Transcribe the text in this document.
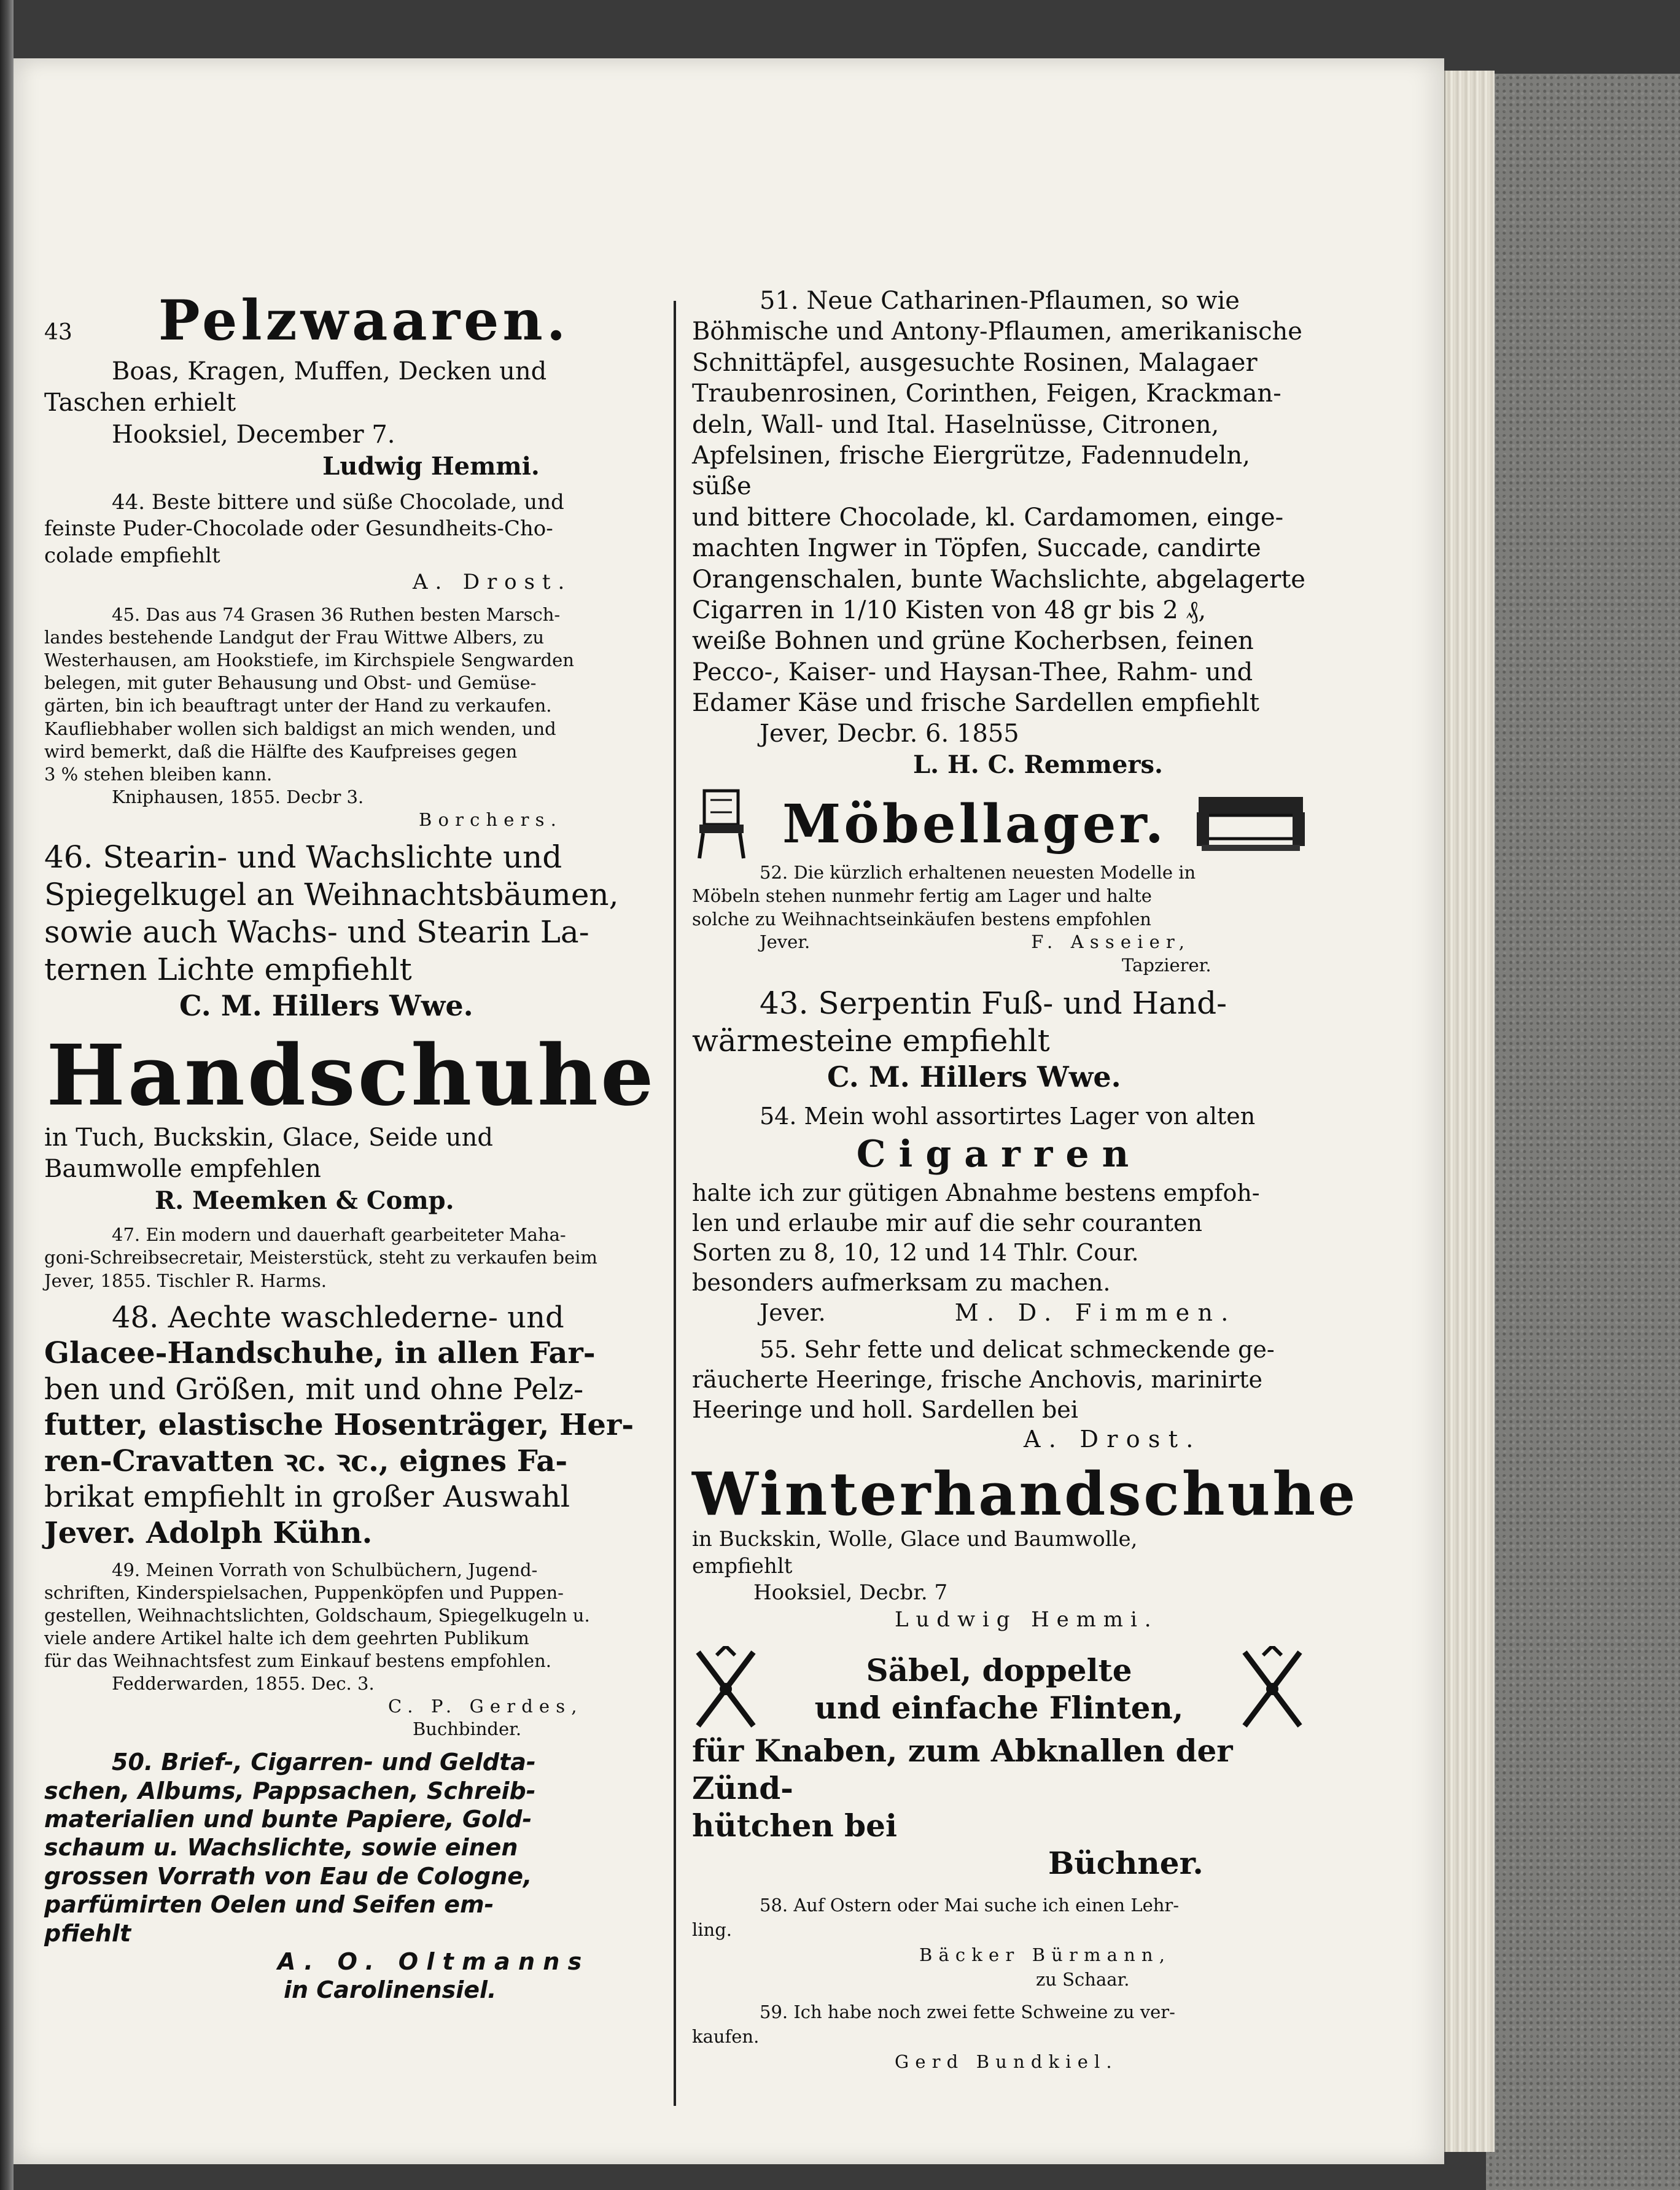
43 Pelzwaaren.
Boas, Kragen, Muffen, Decken und
Taschen erhielt
Hooksiel, December 7.
Ludwig Hemmi.
44. Beste bittere und süße Chocolade, und
feinste Puder-Chocolade oder Gesundheits-Cho-
colade empfiehlt
A. Drost.
45. Das aus 74 Grasen 36 Ruthen besten Marsch-
landes bestehende Landgut der Frau Wittwe Albers, zu
Westerhausen, am Hookstiefe, im Kirchspiele Sengwarden
belegen, mit guter Behausung und Obst- und Gemüse-
gärten, bin ich beauftragt unter der Hand zu verkaufen.
Kaufliebhaber wollen sich baldigst an mich wenden, und
wird bemerkt, daß die Hälfte des Kaufpreises gegen
3 % stehen bleiben kann.
Kniphausen, 1855. Decbr 3.
Borchers.
46. Stearin- und Wachslichte und
Spiegelkugel an Weihnachtsbäumen,
sowie auch Wachs- und Stearin La-
ternen Lichte empfiehlt
C. M. Hillers Wwe.
Handschuhe
in Tuch, Buckskin, Glace, Seide und
Baumwolle empfehlen
R. Meemken & Comp.
47. Ein modern und dauerhaft gearbeiteter Maha-
goni-Schreibsecretair, Meisterstück, steht zu verkaufen beim
Jever, 1855. Tischler R. Harms.
48. Aechte waschlederne- und
Glacee-Handschuhe, in allen Far-
ben und Größen, mit und ohne Pelz-
futter, elastische Hosenträger, Her-
ren-Cravatten ꝛc. ꝛc., eignes Fa-
brikat empfiehlt in großer Auswahl
Jever. Adolph Kühn.
49. Meinen Vorrath von Schulbüchern, Jugend-
schriften, Kinderspielsachen, Puppenköpfen und Puppen-
gestellen, Weihnachtslichten, Goldschaum, Spiegelkugeln u.
viele andere Artikel halte ich dem geehrten Publikum
für das Weihnachtsfest zum Einkauf bestens empfohlen.
Fedderwarden, 1855. Dec. 3.
C. P. Gerdes,
Buchbinder.
50. Brief-, Cigarren- und Geldta-
schen, Albums, Pappsachen, Schreib-
materialien und bunte Papiere, Gold-
schaum u. Wachslichte, sowie einen
grossen Vorrath von Eau de Cologne,
parfümirten Oelen und Seifen em-
pfiehlt
A. O. Oltmanns
in Carolinensiel.
51. Neue Catharinen-Pflaumen, so wie
Böhmische und Antony-Pflaumen, amerikanische
Schnittäpfel, ausgesuchte Rosinen, Malagaer
Traubenrosinen, Corinthen, Feigen, Krackman-
deln, Wall- und Ital. Haselnüsse, Citronen,
Apfelsinen, frische Eiergrütze, Fadennudeln, süße
und bittere Chocolade, kl. Cardamomen, einge-
machten Ingwer in Töpfen, Succade, candirte
Orangenschalen, bunte Wachslichte, abgelagerte
Cigarren in 1/10 Kisten von 48 gr bis 2 ₰,
weiße Bohnen und grüne Kocherbsen, feinen
Pecco-, Kaiser- und Haysan-Thee, Rahm- und
Edamer Käse und frische Sardellen empfiehlt
Jever, Decbr. 6. 1855
L. H. C. Remmers.
Möbellager.
52. Die kürzlich erhaltenen neuesten Modelle in
Möbeln stehen nunmehr fertig am Lager und halte
solche zu Weihnachtseinkäufen bestens empfohlen
Jever.	F. Asseier,
Tapzierer.
43. Serpentin Fuß- und Hand-
wärmesteine empfiehlt
C. M. Hillers Wwe.
54. Mein wohl assortirtes Lager von alten
Cigarren
halte ich zur gütigen Abnahme bestens empfoh-
len und erlaube mir auf die sehr couranten
Sorten zu 8, 10, 12 und 14 Thlr. Cour.
besonders aufmerksam zu machen.
Jever.	M. D. Fimmen.
55. Sehr fette und delicat schmeckende ge-
räucherte Heeringe, frische Anchovis, marinirte
Heeringe und holl. Sardellen bei
A. Drost.
Winterhandschuhe
in Buckskin, Wolle, Glace und Baumwolle,
empfiehlt
Hooksiel, Decbr. 7
Ludwig Hemmi.
Säbel, doppelte
und einfache Flinten,
für Knaben, zum Abknallen der Zünd-
hütchen bei
Büchner.
58. Auf Ostern oder Mai suche ich einen Lehr-
ling.
Bäcker Bürmann,
zu Schaar.
59. Ich habe noch zwei fette Schweine zu ver-
kaufen.
Gerd Bundkiel.
